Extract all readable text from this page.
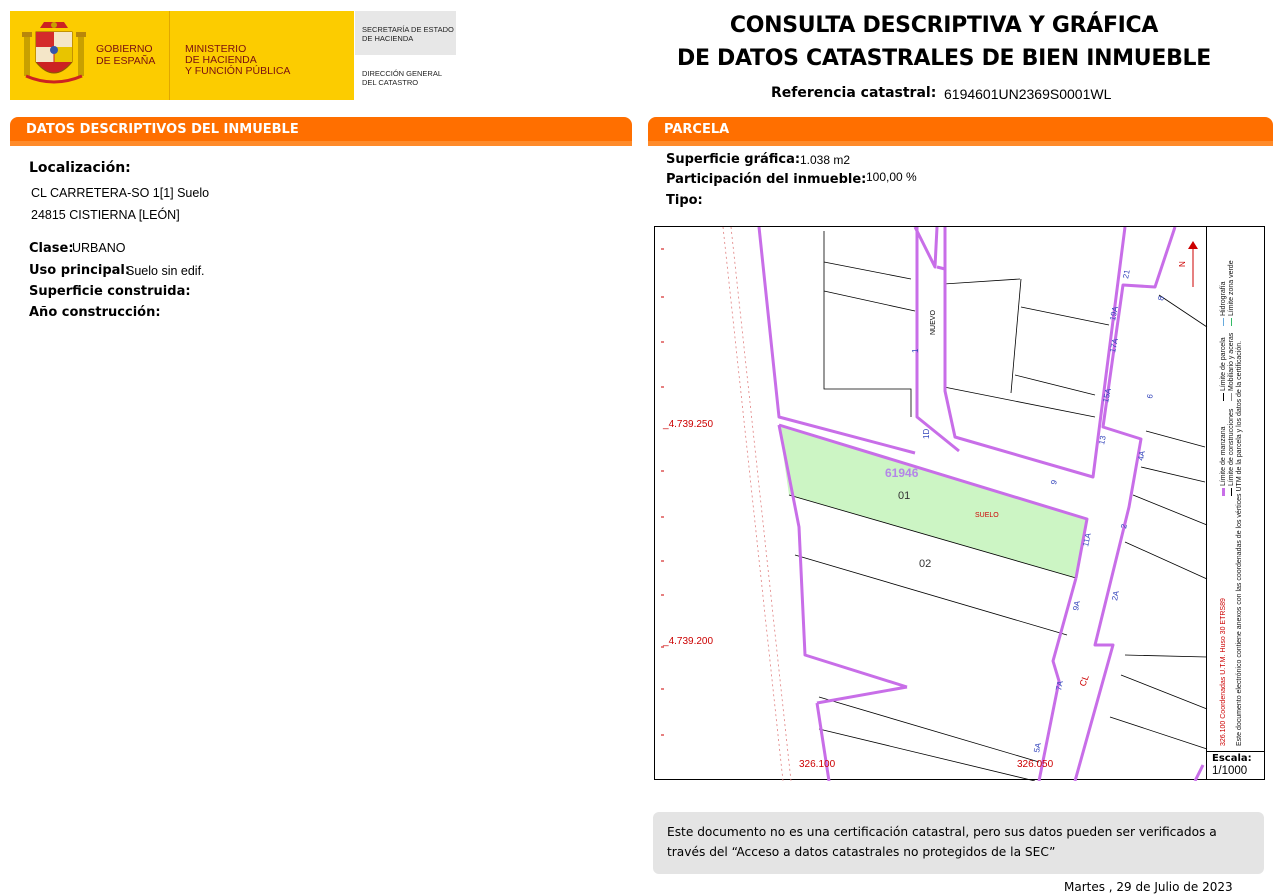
GOBIERNO
DE ESPAÑA
MINISTERIO
DE HACIENDA
Y FUNCIÓN PÚBLICA
SECRETARÍA DE ESTADO
DE HACIENDA
DIRECCIÓN GENERAL
DEL CATASTRO
CONSULTA DESCRIPTIVA Y GRÁFICA
DE DATOS CATASTRALES DE BIEN INMUEBLE
Referencia catastral: 6194601UN2369S0001WL
DATOS DESCRIPTIVOS DEL INMUEBLE
Localización:
CL CARRETERA-SO 1[1] Suelo
24815 CISTIERNA [LEÓN]
Clase:
URBANO
Uso principal:
Suelo sin edif.
Superficie construida:
Año construcción:
PARCELA
Superficie gráfica: 1.038 m2
Participación del inmueble: 100,00 %
Tipo:
61946
01
02
SUELO
_4.739.250
_4.739.200
326.100	326.050
CL
19A
17A
15A
13
9
11A
9A
7A
5A
2
2A
4A
6
8
1
21
1D
NUEVO
N
Escala:
1/1000
326.100 Coordenadas U.T.M. Huso 30 ETRS89 Este documento electrónico contiene anexos con las coordenadas de los vértices UTM de la parcela y los datos de la certificación.
Límite de manzana Límite de construcciones
Límite de parcela Mobiliario y aceras
Hidrografía Límite zona verde
Este documento no es una certificación catastral, pero sus datos pueden ser verificados a
través del “Acceso a datos catastrales no protegidos de la SEC”
Martes , 29 de Julio de 2023
